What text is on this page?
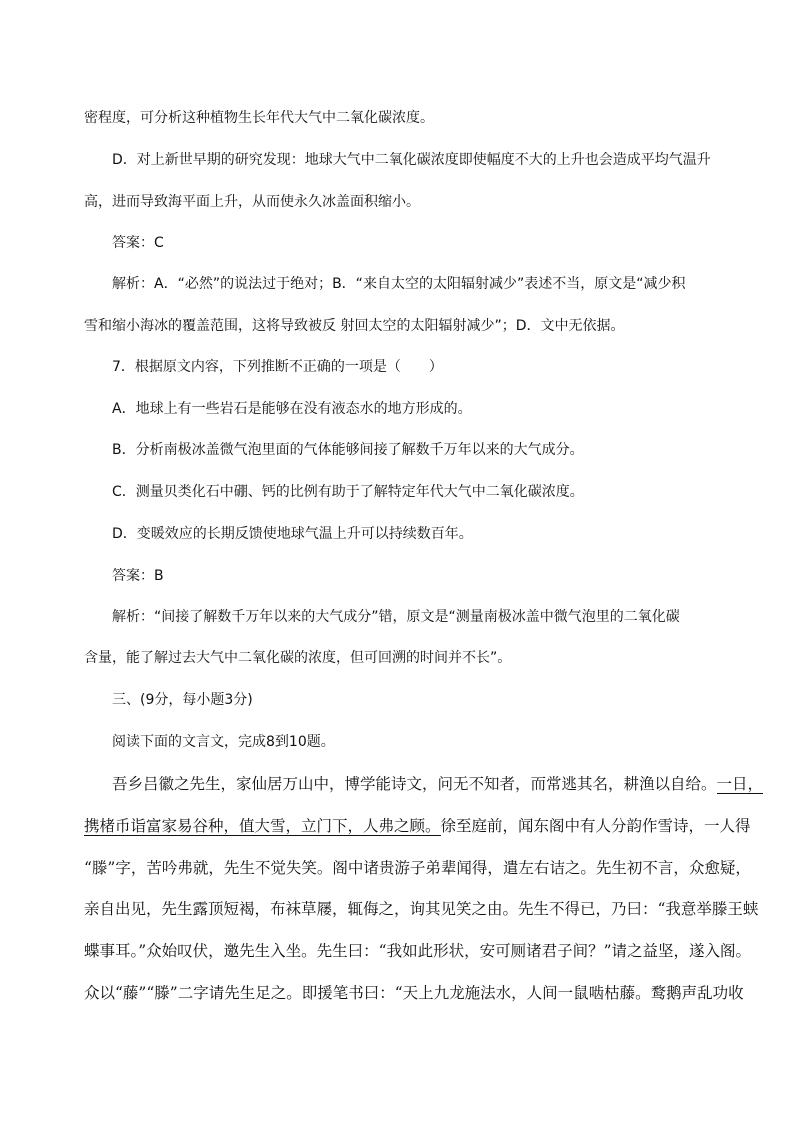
密程度，可分析这种植物生长年代大气中二氧化碳浓度。
D．对上新世早期的研究发现：地球大气中二氧化碳浓度即使幅度不大的上升也会造成平均气温升
高，进而导致海平面上升，从而使永久冰盖面积缩小。
答案：C
解析：A．“必然”的说法过于绝对；B．“来自太空的太阳辐射减少”表述不当，原文是“减少积
雪和缩小海冰的覆盖范围，这将导致被反 射回太空的太阳辐射减少”；D．文中无依据。
7．根据原文内容，下列推断不正确的一项是（　　）
A．地球上有一些岩石是能够在没有液态水的地方形成的。
B．分析南极冰盖微气泡里面的气体能够间接了解数千万年以来的大气成分。
C．测量贝类化石中硼、钙的比例有助于了解特定年代大气中二氧化碳浓度。
D．变暖效应的长期反馈使地球气温上升可以持续数百年。
答案：B
解析：“间接了解数千万年以来的大气成分”错，原文是“测量南极冰盖中微气泡里的二氧化碳
含量，能了解过去大气中二氧化碳的浓度，但可回溯的时间并不长”。
三、(9分，每小题3分)
阅读下面的文言文，完成8到10题。
吾乡吕徽之先生，家仙居万山中，博学能诗文，问无不知者，而常逃其名，耕渔以自给。一日，
携楮币诣富家易谷种，值大雪，立门下，人弗之顾。徐至庭前，闻东阁中有人分韵作雪诗，一人得
“滕”字，苦吟弗就，先生不觉失笑。阁中诸贵游子弟辈闻得，遣左右诘之。先生初不言，众愈疑，
亲自出见，先生露顶短褐，布袜草屦，辄侮之，询其见笑之由。先生不得已，乃曰：“我意举滕王蛱
蝶事耳。”众始叹伏，邀先生入坐。先生曰：“我如此形状，安可厕诸君子间？”请之益坚，遂入阁。
众以“藤”“滕”二字请先生足之。即援笔书曰：“天上九龙施法水，人间一鼠啮枯藤。鹜鹅声乱功收
